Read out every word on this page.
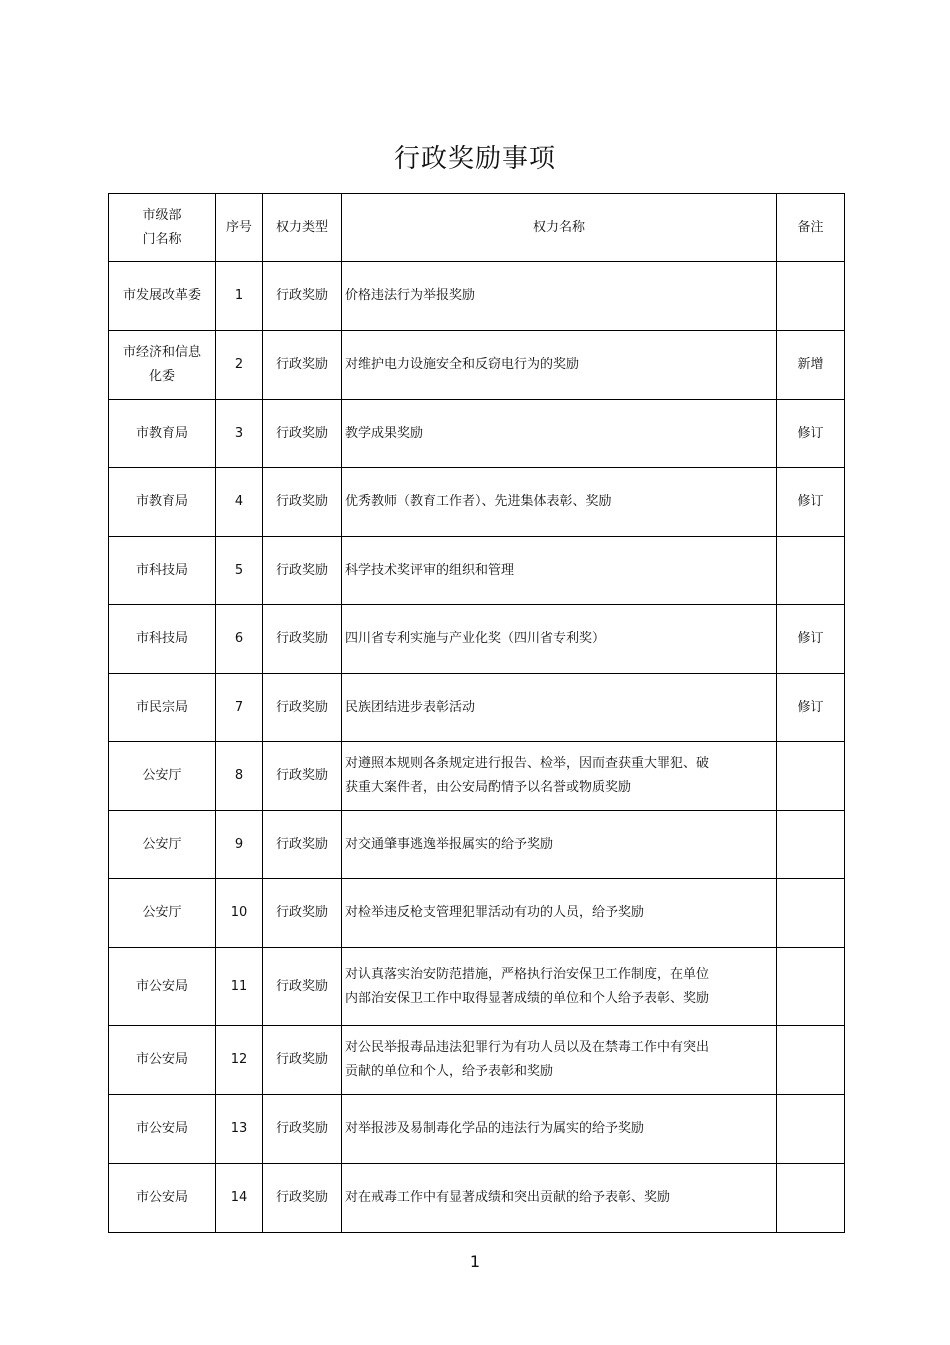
行政奖励事项
市级部
门名称	序号	权力类型	权力名称	备注
市发展改革委	1	行政奖励	价格违法行为举报奖励	
市经济和信息化委	2	行政奖励	对维护电力设施安全和反窃电行为的奖励	新增
市教育局	3	行政奖励	教学成果奖励	修订
市教育局	4	行政奖励	优秀教师（教育工作者）、先进集体表彰、奖励	修订
市科技局	5	行政奖励	科学技术奖评审的组织和管理	
市科技局	6	行政奖励	四川省专利实施与产业化奖（四川省专利奖）	修订
市民宗局	7	行政奖励	民族团结进步表彰活动	修订
公安厅	8	行政奖励	对遵照本规则各条规定进行报告、检举，因而查获重大罪犯、破获重大案件者，由公安局酌情予以名誉或物质奖励	
公安厅	9	行政奖励	对交通肇事逃逸举报属实的给予奖励	
公安厅	10	行政奖励	对检举违反枪支管理犯罪活动有功的人员，给予奖励	
市公安局	11	行政奖励	对认真落实治安防范措施，严格执行治安保卫工作制度，在单位内部治安保卫工作中取得显著成绩的单位和个人给予表彰、奖励	
市公安局	12	行政奖励	对公民举报毒品违法犯罪行为有功人员以及在禁毒工作中有突出贡献的单位和个人，给予表彰和奖励	
市公安局	13	行政奖励	对举报涉及易制毒化学品的违法行为属实的给予奖励	
市公安局	14	行政奖励	对在戒毒工作中有显著成绩和突出贡献的给予表彰、奖励	
1
